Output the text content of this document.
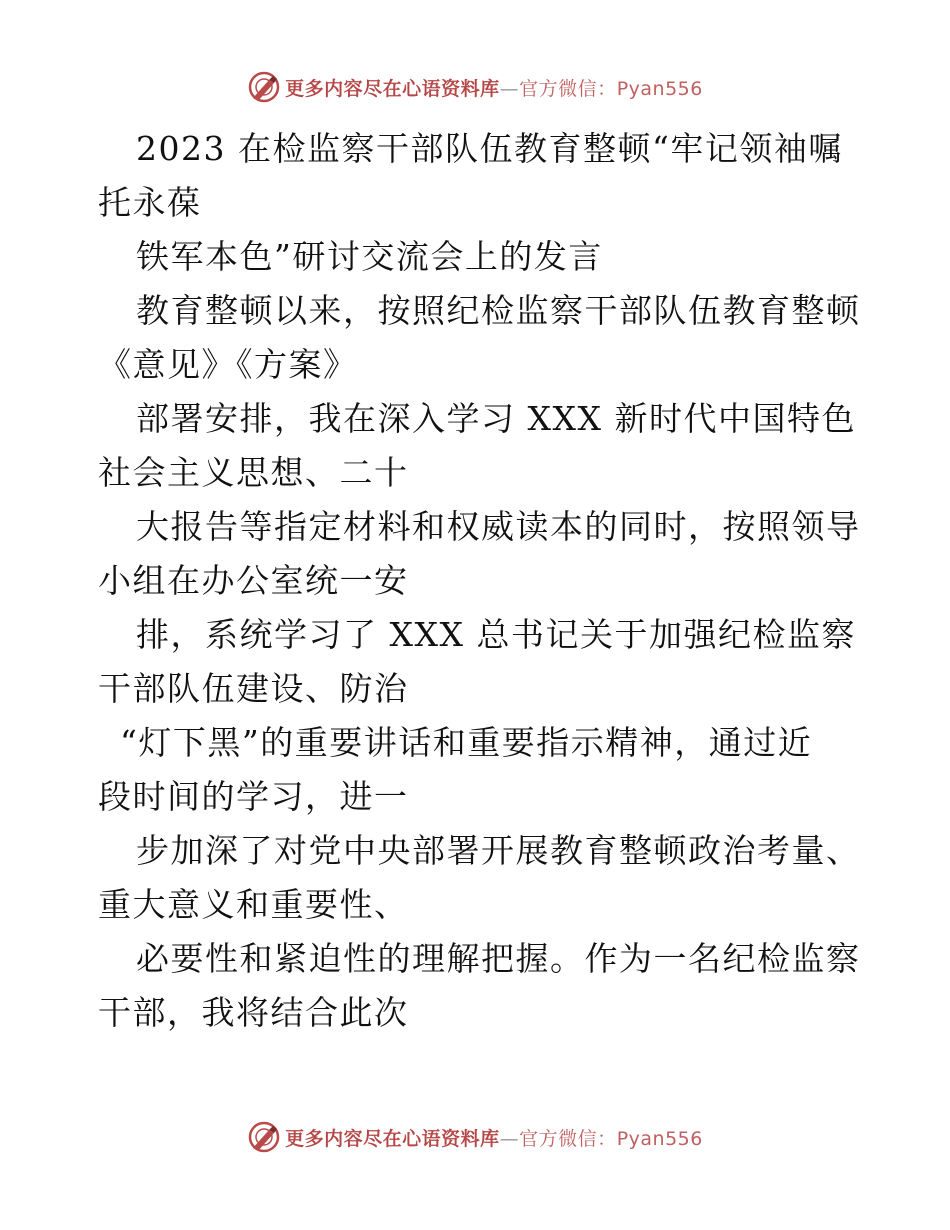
更多内容尽在心语资料库—官方微信：Pyan556
2023 在检监察干部队伍教育整顿“牢记领袖嘱
托永葆
铁军本色”研讨交流会上的发言
教育整顿以来，按照纪检监察干部队伍教育整顿
《意见》《方案》
部署安排，我在深入学习 XXX 新时代中国特色
社会主义思想、二十
大报告等指定材料和权威读本的同时，按照领导
小组在办公室统一安
排，系统学习了 XXX 总书记关于加强纪检监察
干部队伍建设、防治
“灯下黑”的重要讲话和重要指示精神，通过近
段时间的学习，进一
步加深了对党中央部署开展教育整顿政治考量、
重大意义和重要性、
必要性和紧迫性的理解把握。作为一名纪检监察
干部，我将结合此次
更多内容尽在心语资料库—官方微信：Pyan556
